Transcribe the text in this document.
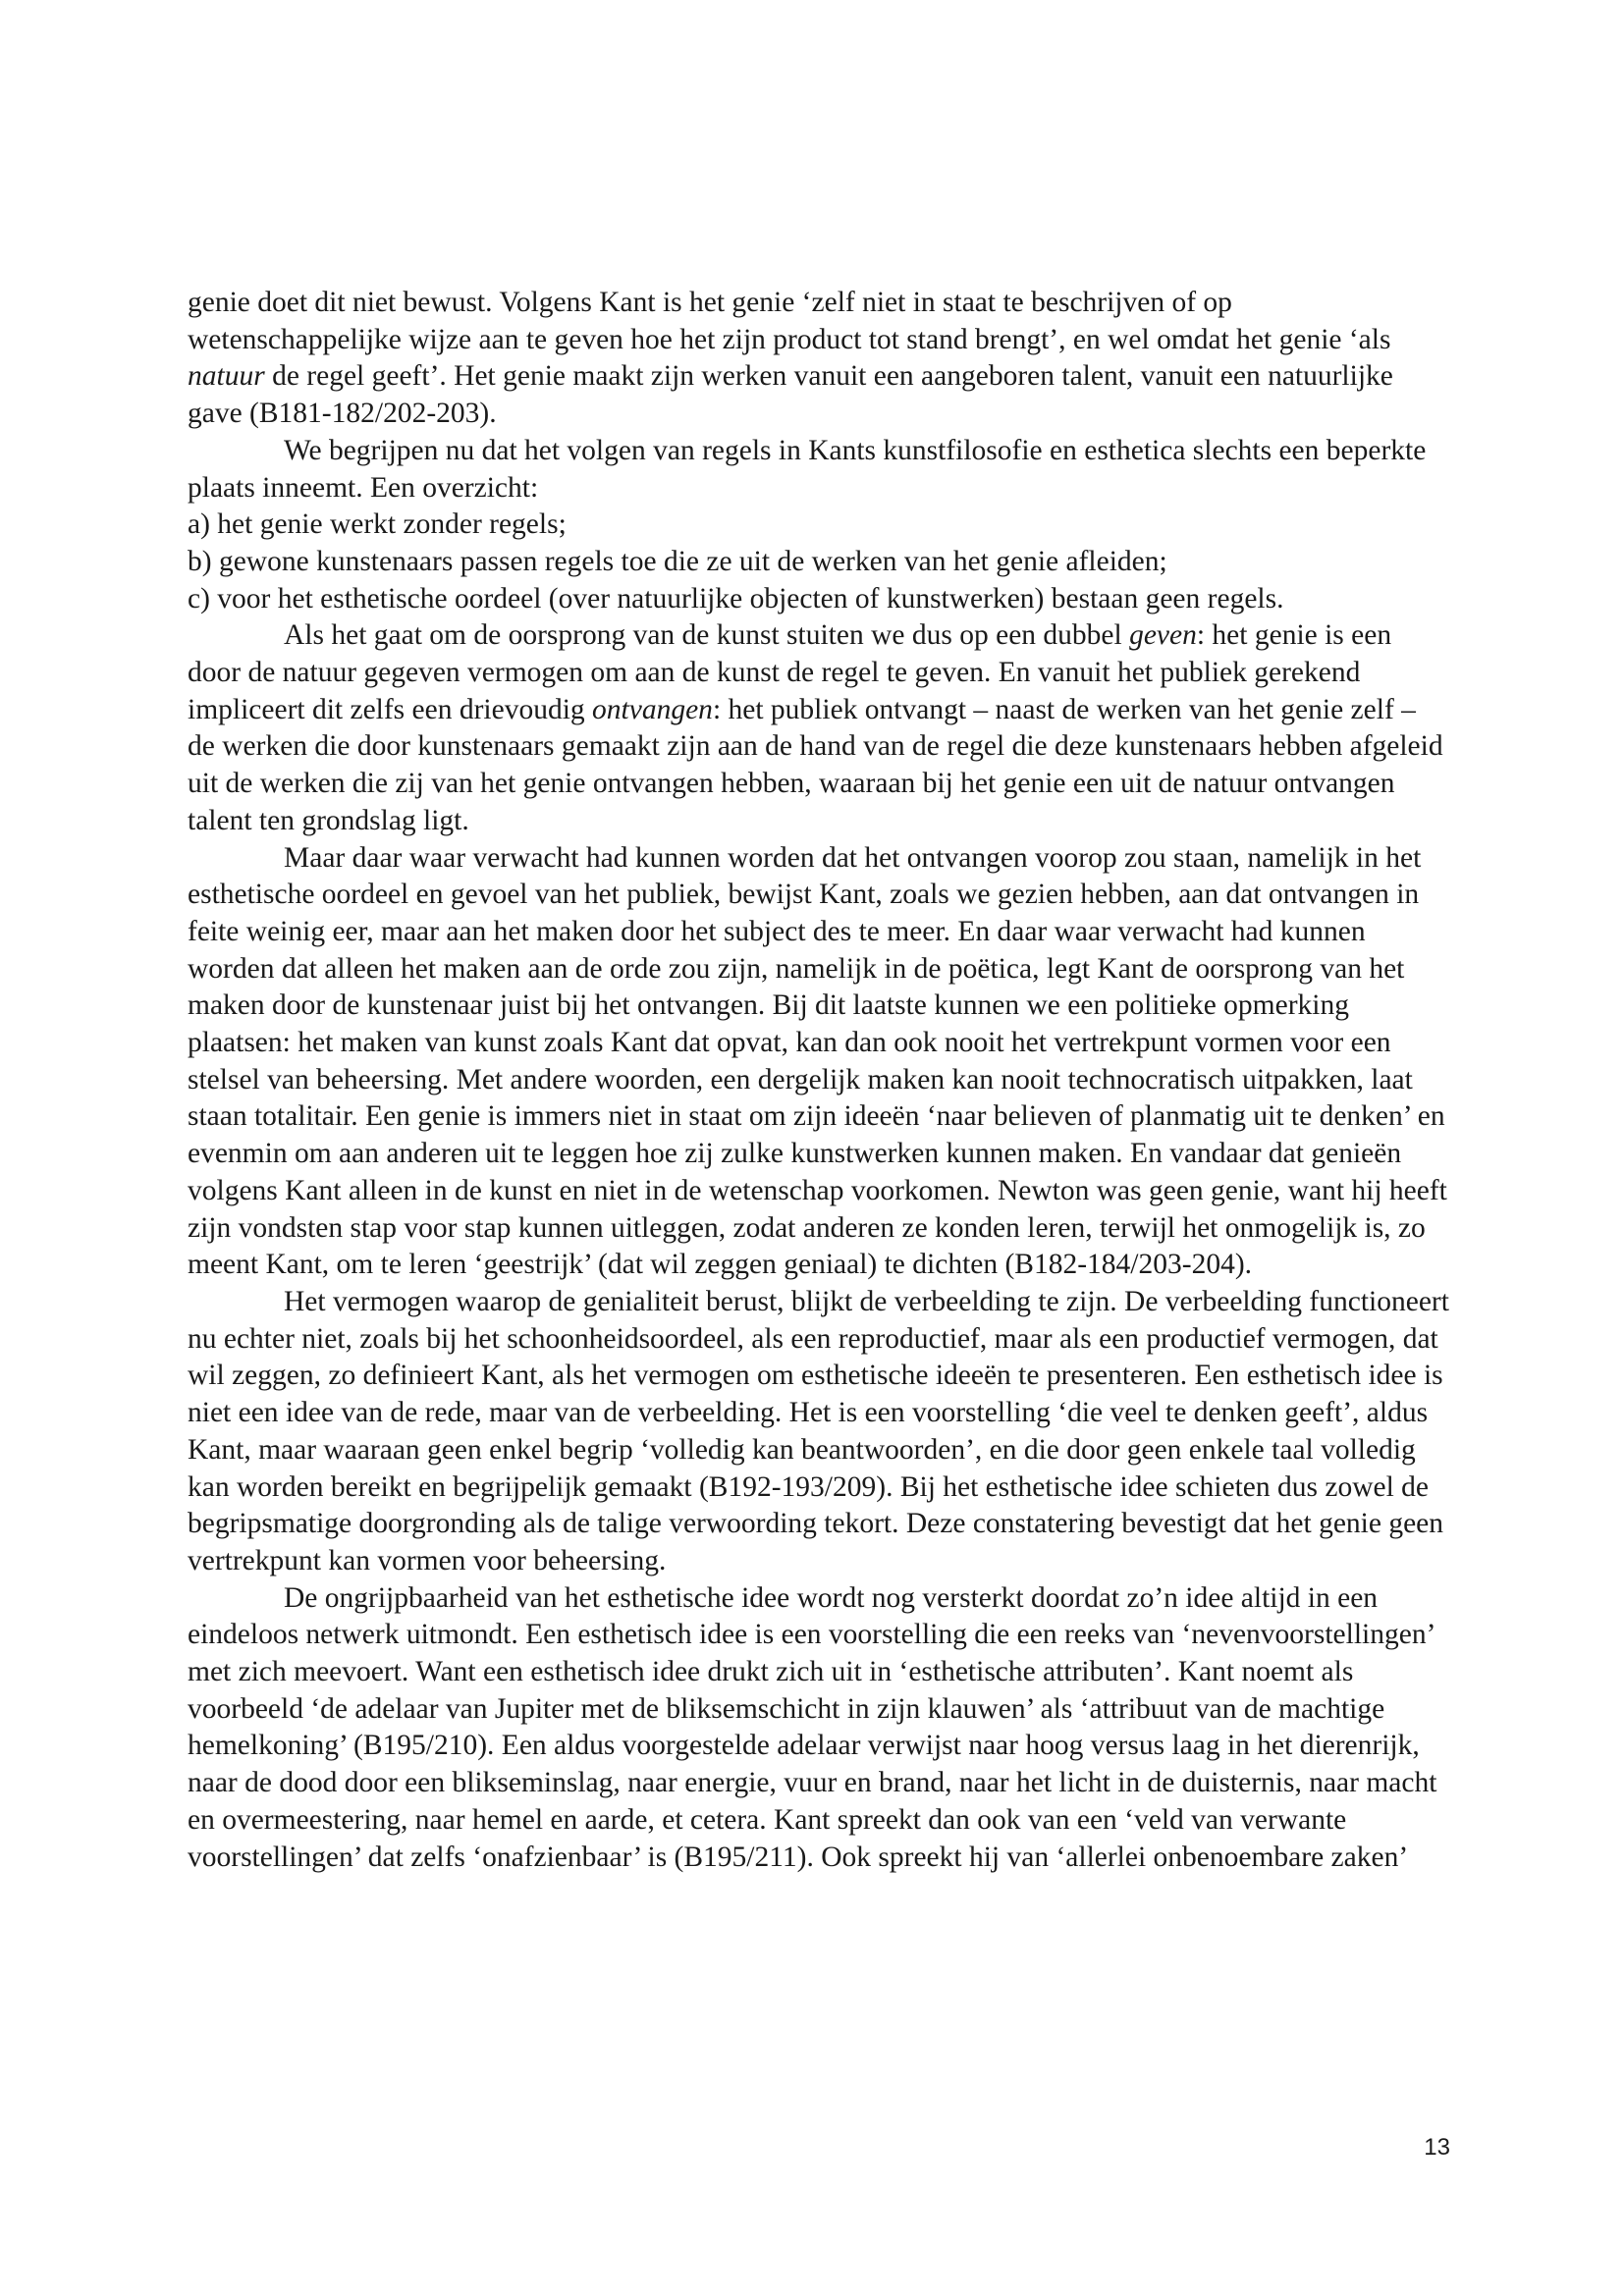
genie doet dit niet bewust. Volgens Kant is het genie ‘zelf niet in staat te beschrijven of op wetenschappelijke wijze aan te geven hoe het zijn product tot stand brengt’, en wel omdat het genie ‘als natuur de regel geeft’. Het genie maakt zijn werken vanuit een aangeboren talent, vanuit een natuurlijke gave (B181-182/202-203).

We begrijpen nu dat het volgen van regels in Kants kunstfilosofie en esthetica slechts een beperkte plaats inneemt. Een overzicht:

a) het genie werkt zonder regels;

b) gewone kunstenaars passen regels toe die ze uit de werken van het genie afleiden;

c) voor het esthetische oordeel (over natuurlijke objecten of kunstwerken) bestaan geen regels.

Als het gaat om de oorsprong van de kunst stuiten we dus op een dubbel geven: het genie is een door de natuur gegeven vermogen om aan de kunst de regel te geven. En vanuit het publiek gerekend impliceert dit zelfs een drievoudig ontvangen: het publiek ontvangt – naast de werken van het genie zelf – de werken die door kunstenaars gemaakt zijn aan de hand van de regel die deze kunstenaars hebben afgeleid uit de werken die zij van het genie ontvangen hebben, waaraan bij het genie een uit de natuur ontvangen talent ten grondslag ligt.

Maar daar waar verwacht had kunnen worden dat het ontvangen voorop zou staan, namelijk in het esthetische oordeel en gevoel van het publiek, bewijst Kant, zoals we gezien hebben, aan dat ontvangen in feite weinig eer, maar aan het maken door het subject des te meer. En daar waar verwacht had kunnen worden dat alleen het maken aan de orde zou zijn, namelijk in de poëtica, legt Kant de oorsprong van het maken door de kunstenaar juist bij het ontvangen. Bij dit laatste kunnen we een politieke opmerking plaatsen: het maken van kunst zoals Kant dat opvat, kan dan ook nooit het vertrekpunt vormen voor een stelsel van beheersing. Met andere woorden, een dergelijk maken kan nooit technocratisch uitpakken, laat staan totalitair. Een genie is immers niet in staat om zijn ideeën ‘naar believen of planmatig uit te denken’ en evenmin om aan anderen uit te leggen hoe zij zulke kunstwerken kunnen maken. En vandaar dat genieën volgens Kant alleen in de kunst en niet in de wetenschap voorkomen. Newton was geen genie, want hij heeft zijn vondsten stap voor stap kunnen uitleggen, zodat anderen ze konden leren, terwijl het onmogelijk is, zo meent Kant, om te leren ‘geestrijk’ (dat wil zeggen geniaal) te dichten (B182-184/203-204).

Het vermogen waarop de genialiteit berust, blijkt de verbeelding te zijn. De verbeelding functioneert nu echter niet, zoals bij het schoonheidsoordeel, als een reproductief, maar als een productief vermogen, dat wil zeggen, zo definieert Kant, als het vermogen om esthetische ideeën te presenteren. Een esthetisch idee is niet een idee van de rede, maar van de verbeelding. Het is een voorstelling ‘die veel te denken geeft’, aldus Kant, maar waaraan geen enkel begrip ‘volledig kan beantwoorden’, en die door geen enkele taal volledig kan worden bereikt en begrijpelijk gemaakt (B192-193/209). Bij het esthetische idee schieten dus zowel de begripsmatige doorgronding als de talige verwoording tekort. Deze constatering bevestigt dat het genie geen vertrekpunt kan vormen voor beheersing.

De ongrijpbaarheid van het esthetische idee wordt nog versterkt doordat zo’n idee altijd in een eindeloos netwerk uitmondt. Een esthetisch idee is een voorstelling die een reeks van ‘nevenvoorstellingen’ met zich meevoert. Want een esthetisch idee drukt zich uit in ‘esthetische attributen’. Kant noemt als voorbeeld ‘de adelaar van Jupiter met de bliksemschicht in zijn klauwen’ als ‘attribuut van de machtige hemelkoning’ (B195/210). Een aldus voorgestelde adelaar verwijst naar hoog versus laag in het dierenrijk, naar de dood door een blikseminslag, naar energie, vuur en brand, naar het licht in de duisternis, naar macht en overmeestering, naar hemel en aarde, et cetera. Kant spreekt dan ook van een ‘veld van verwante voorstellingen’ dat zelfs ‘onafzienbaar’ is (B195/211). Ook spreekt hij van ‘allerlei onbenoembare zaken’

13
